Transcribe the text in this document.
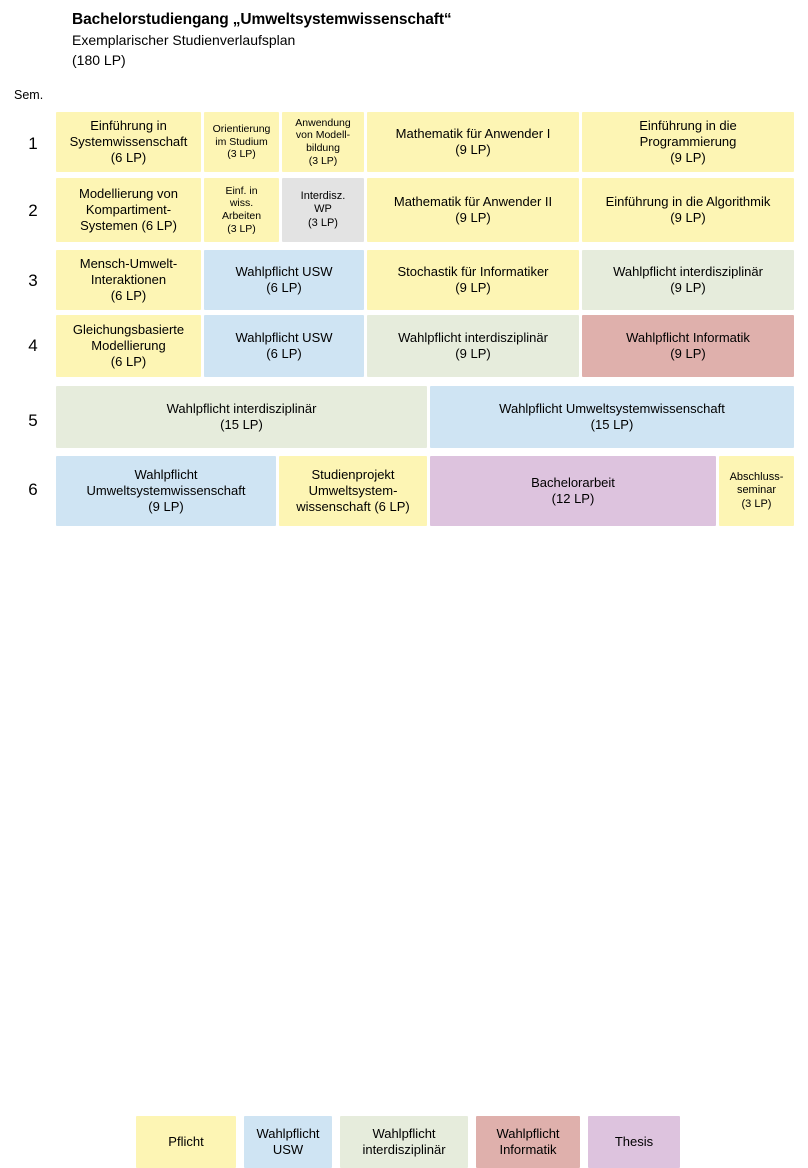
Bachelorstudiengang „Umweltsystemwissenschaft“
Exemplarischer Studienverlaufsplan
(180 LP)
Sem.
1
2
3
4
5
6
Einführung in
Systemwissenschaft
(6 LP)
Orientierung
im Studium
(3 LP)
Anwendung
von Modell-
bildung
(3 LP)
Mathematik für Anwender I
(9 LP)
Einführung in die
Programmierung
(9 LP)
Modellierung von
Kompartiment-
Systemen (6 LP)
Einf. in
wiss.
Arbeiten
(3 LP)
Interdisz.
WP
(3 LP)
Mathematik für Anwender II
(9 LP)
Einführung in die Algorithmik
(9 LP)
Mensch-Umwelt-
Interaktionen
(6 LP)
Wahlpflicht USW
(6 LP)
Stochastik für Informatiker
(9 LP)
Wahlpflicht interdisziplinär
(9 LP)
Gleichungsbasierte
Modellierung
(6 LP)
Wahlpflicht USW
(6 LP)
Wahlpflicht interdisziplinär
(9 LP)
Wahlpflicht Informatik
(9 LP)
Wahlpflicht interdisziplinär
(15 LP)
Wahlpflicht Umweltsystemwissenschaft
(15 LP)
Wahlpflicht
Umweltsystemwissenschaft
(9 LP)
Studienprojekt
Umweltsystem-
wissenschaft (6 LP)
Bachelorarbeit
(12 LP)
Abschluss-
seminar
(3 LP)
Pflicht
Wahlpflicht
USW
Wahlpflicht
interdisziplinär
Wahlpflicht
Informatik
Thesis
